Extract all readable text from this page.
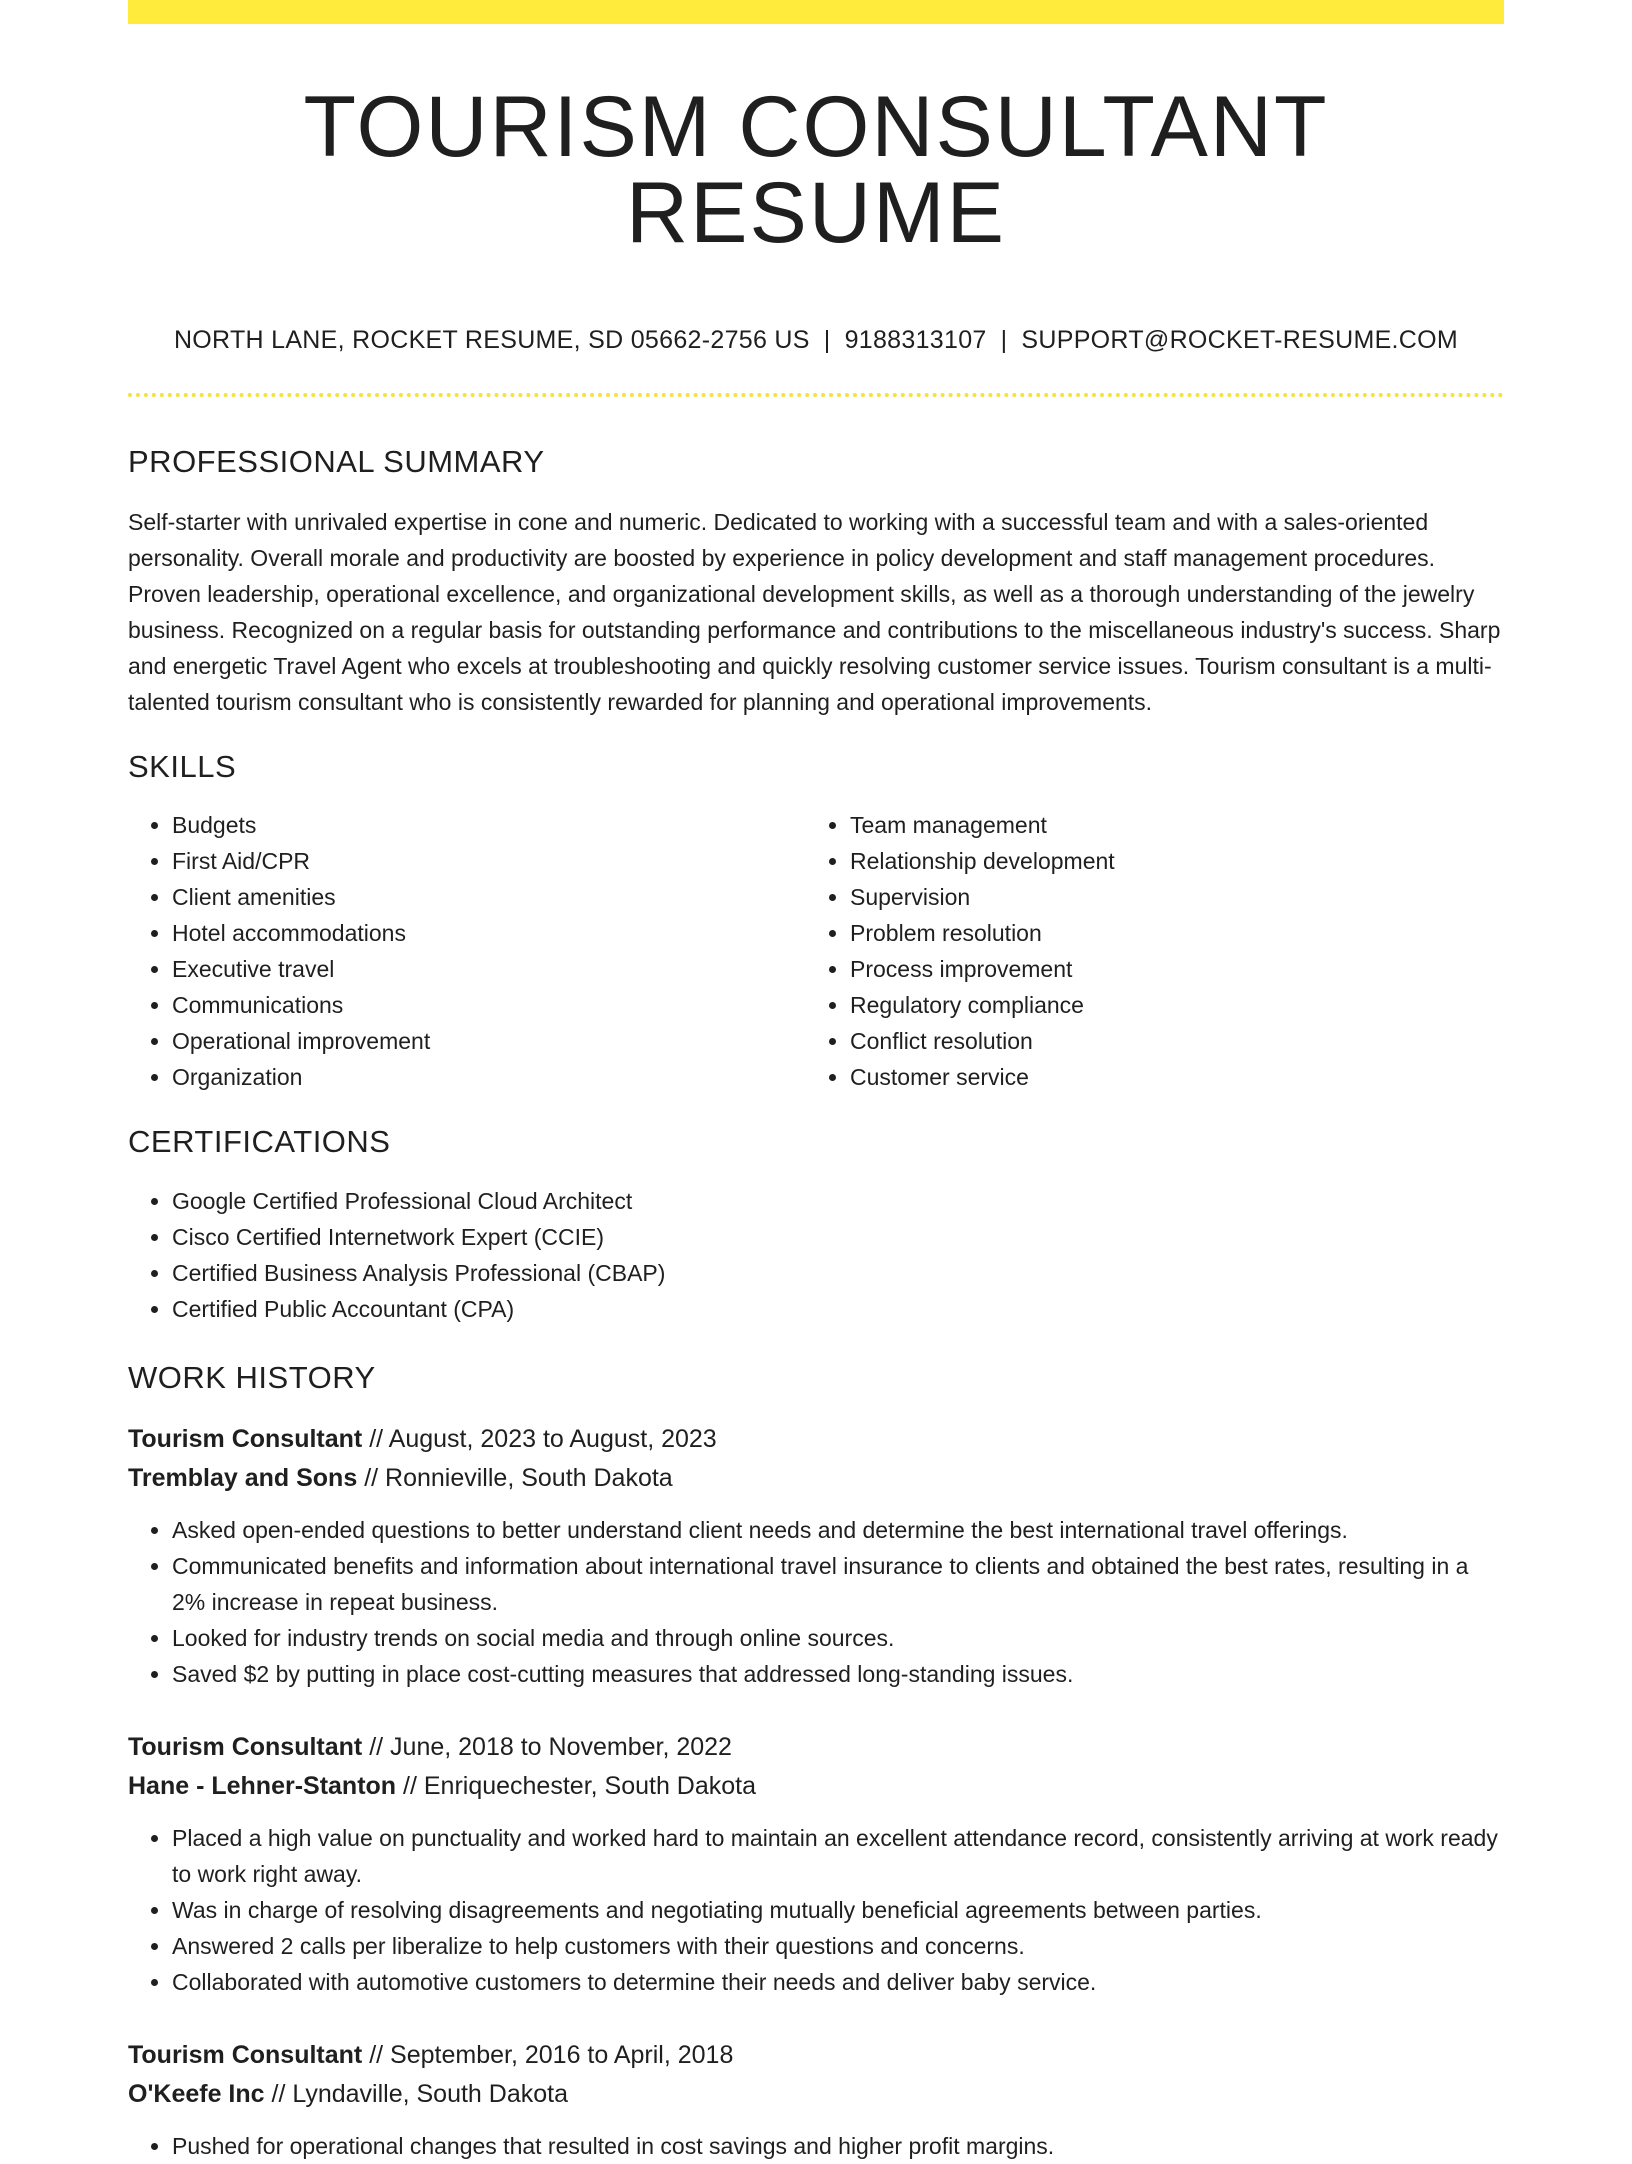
TOURISM CONSULTANT RESUME
NORTH LANE, ROCKET RESUME, SD 05662-2756 US | 9188313107 | SUPPORT@ROCKET-RESUME.COM
PROFESSIONAL SUMMARY

Self-starter with unrivaled expertise in cone and numeric. Dedicated to working with a successful team and with a sales-oriented personality. Overall morale and productivity are boosted by experience in policy development and staff management procedures. Proven leadership, operational excellence, and organizational development skills, as well as a thorough understanding of the jewelry business. Recognized on a regular basis for outstanding performance and contributions to the miscellaneous industry's success. Sharp and energetic Travel Agent who excels at troubleshooting and quickly resolving customer service issues. Tourism consultant is a multi-talented tourism consultant who is consistently rewarded for planning and operational improvements.

SKILLS
• Budgets
• First Aid/CPR
• Client amenities
• Hotel accommodations
• Executive travel
• Communications
• Operational improvement
• Organization
• Team management
• Relationship development
• Supervision
• Problem resolution
• Process improvement
• Regulatory compliance
• Conflict resolution
• Customer service
CERTIFICATIONS
• Google Certified Professional Cloud Architect
• Cisco Certified Internetwork Expert (CCIE)
• Certified Business Analysis Professional (CBAP)
• Certified Public Accountant (CPA)
WORK HISTORY
Tourism Consultant // August, 2023 to August, 2023
Tremblay and Sons // Ronnieville, South Dakota
• Asked open-ended questions to better understand client needs and determine the best international travel offerings.
• Communicated benefits and information about international travel insurance to clients and obtained the best rates, resulting in a 2% increase in repeat business.
• Looked for industry trends on social media and through online sources.
• Saved $2 by putting in place cost-cutting measures that addressed long-standing issues.
Tourism Consultant // June, 2018 to November, 2022
Hane - Lehner-Stanton // Enriquechester, South Dakota
• Placed a high value on punctuality and worked hard to maintain an excellent attendance record, consistently arriving at work ready to work right away.
• Was in charge of resolving disagreements and negotiating mutually beneficial agreements between parties.
• Answered 2 calls per liberalize to help customers with their questions and concerns.
• Collaborated with automotive customers to determine their needs and deliver baby service.
Tourism Consultant // September, 2016 to April, 2018
O'Keefe Inc // Lyndaville, South Dakota
• Pushed for operational changes that resulted in cost savings and higher profit margins.
